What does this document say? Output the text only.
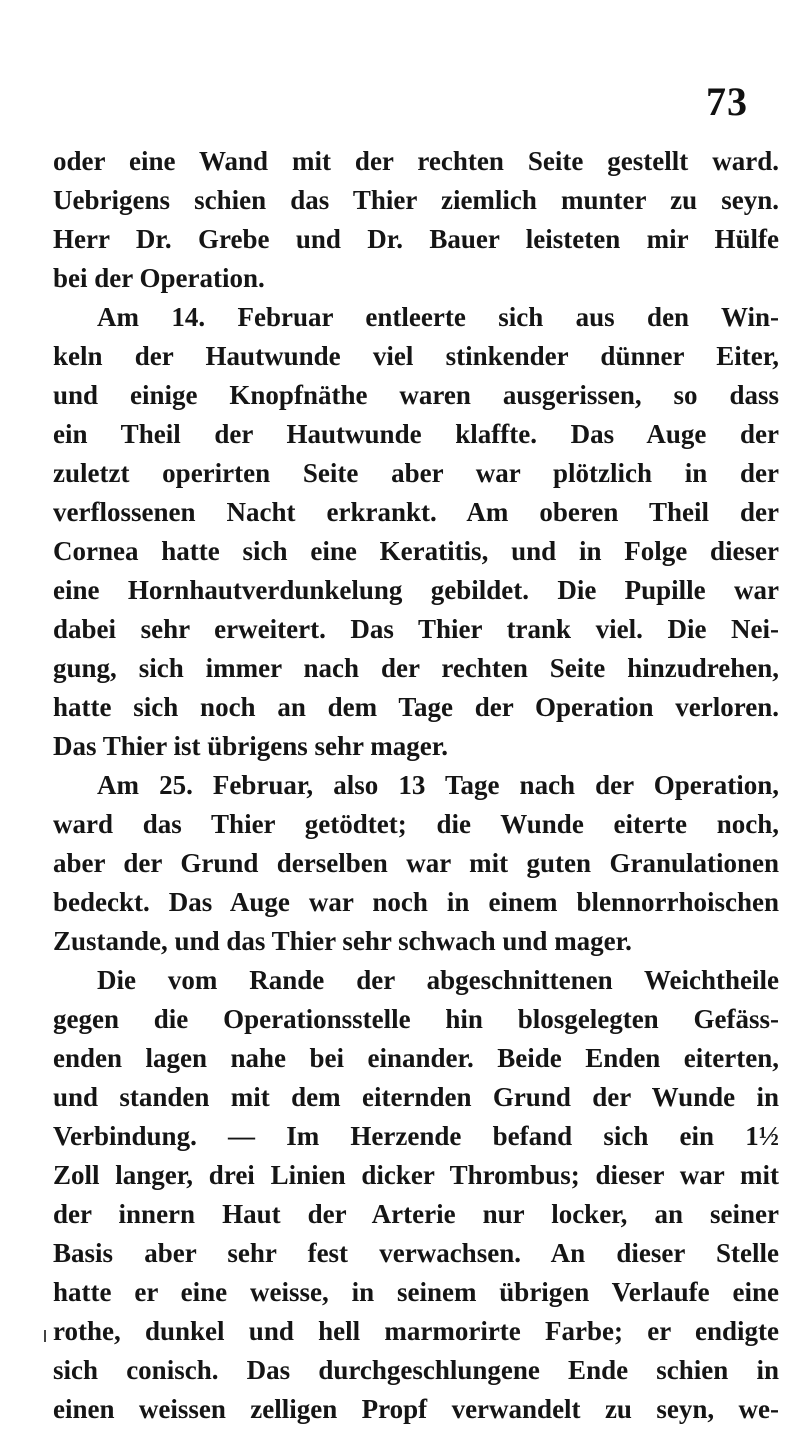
73
oder eine Wand mit der rechten Seite gestellt ward.
Uebrigens schien das Thier ziemlich munter zu seyn.
Herr Dr. Grebe und Dr. Bauer leisteten mir Hülfe
bei der Operation.
Am 14. Februar entleerte sich aus den Win-
keln der Hautwunde viel stinkender dünner Eiter,
und einige Knopfnäthe waren ausgerissen, so dass
ein Theil der Hautwunde klaffte. Das Auge der
zuletzt operirten Seite aber war plötzlich in der
verflossenen Nacht erkrankt. Am oberen Theil der
Cornea hatte sich eine Keratitis, und in Folge dieser
eine Hornhautverdunkelung gebildet. Die Pupille war
dabei sehr erweitert. Das Thier trank viel. Die Nei-
gung, sich immer nach der rechten Seite hinzudrehen,
hatte sich noch an dem Tage der Operation verloren.
Das Thier ist übrigens sehr mager.
Am 25. Februar, also 13 Tage nach der Operation,
ward das Thier getödtet; die Wunde eiterte noch,
aber der Grund derselben war mit guten Granulationen
bedeckt. Das Auge war noch in einem blennorrhoischen
Zustande, und das Thier sehr schwach und mager.
Die vom Rande der abgeschnittenen Weichtheile
gegen die Operationsstelle hin blosgelegten Gefäss-
enden lagen nahe bei einander. Beide Enden eiterten,
und standen mit dem eiternden Grund der Wunde in
Verbindung. — Im Herzende befand sich ein 1½
Zoll langer, drei Linien dicker Thrombus; dieser war mit
der innern Haut der Arterie nur locker, an seiner
Basis aber sehr fest verwachsen. An dieser Stelle
hatte er eine weisse, in seinem übrigen Verlaufe eine
rothe, dunkel und hell marmorirte Farbe; er endigte
sich conisch. Das durchgeschlungene Ende schien in
einen weissen zelligen Propf verwandelt zu seyn, we-
